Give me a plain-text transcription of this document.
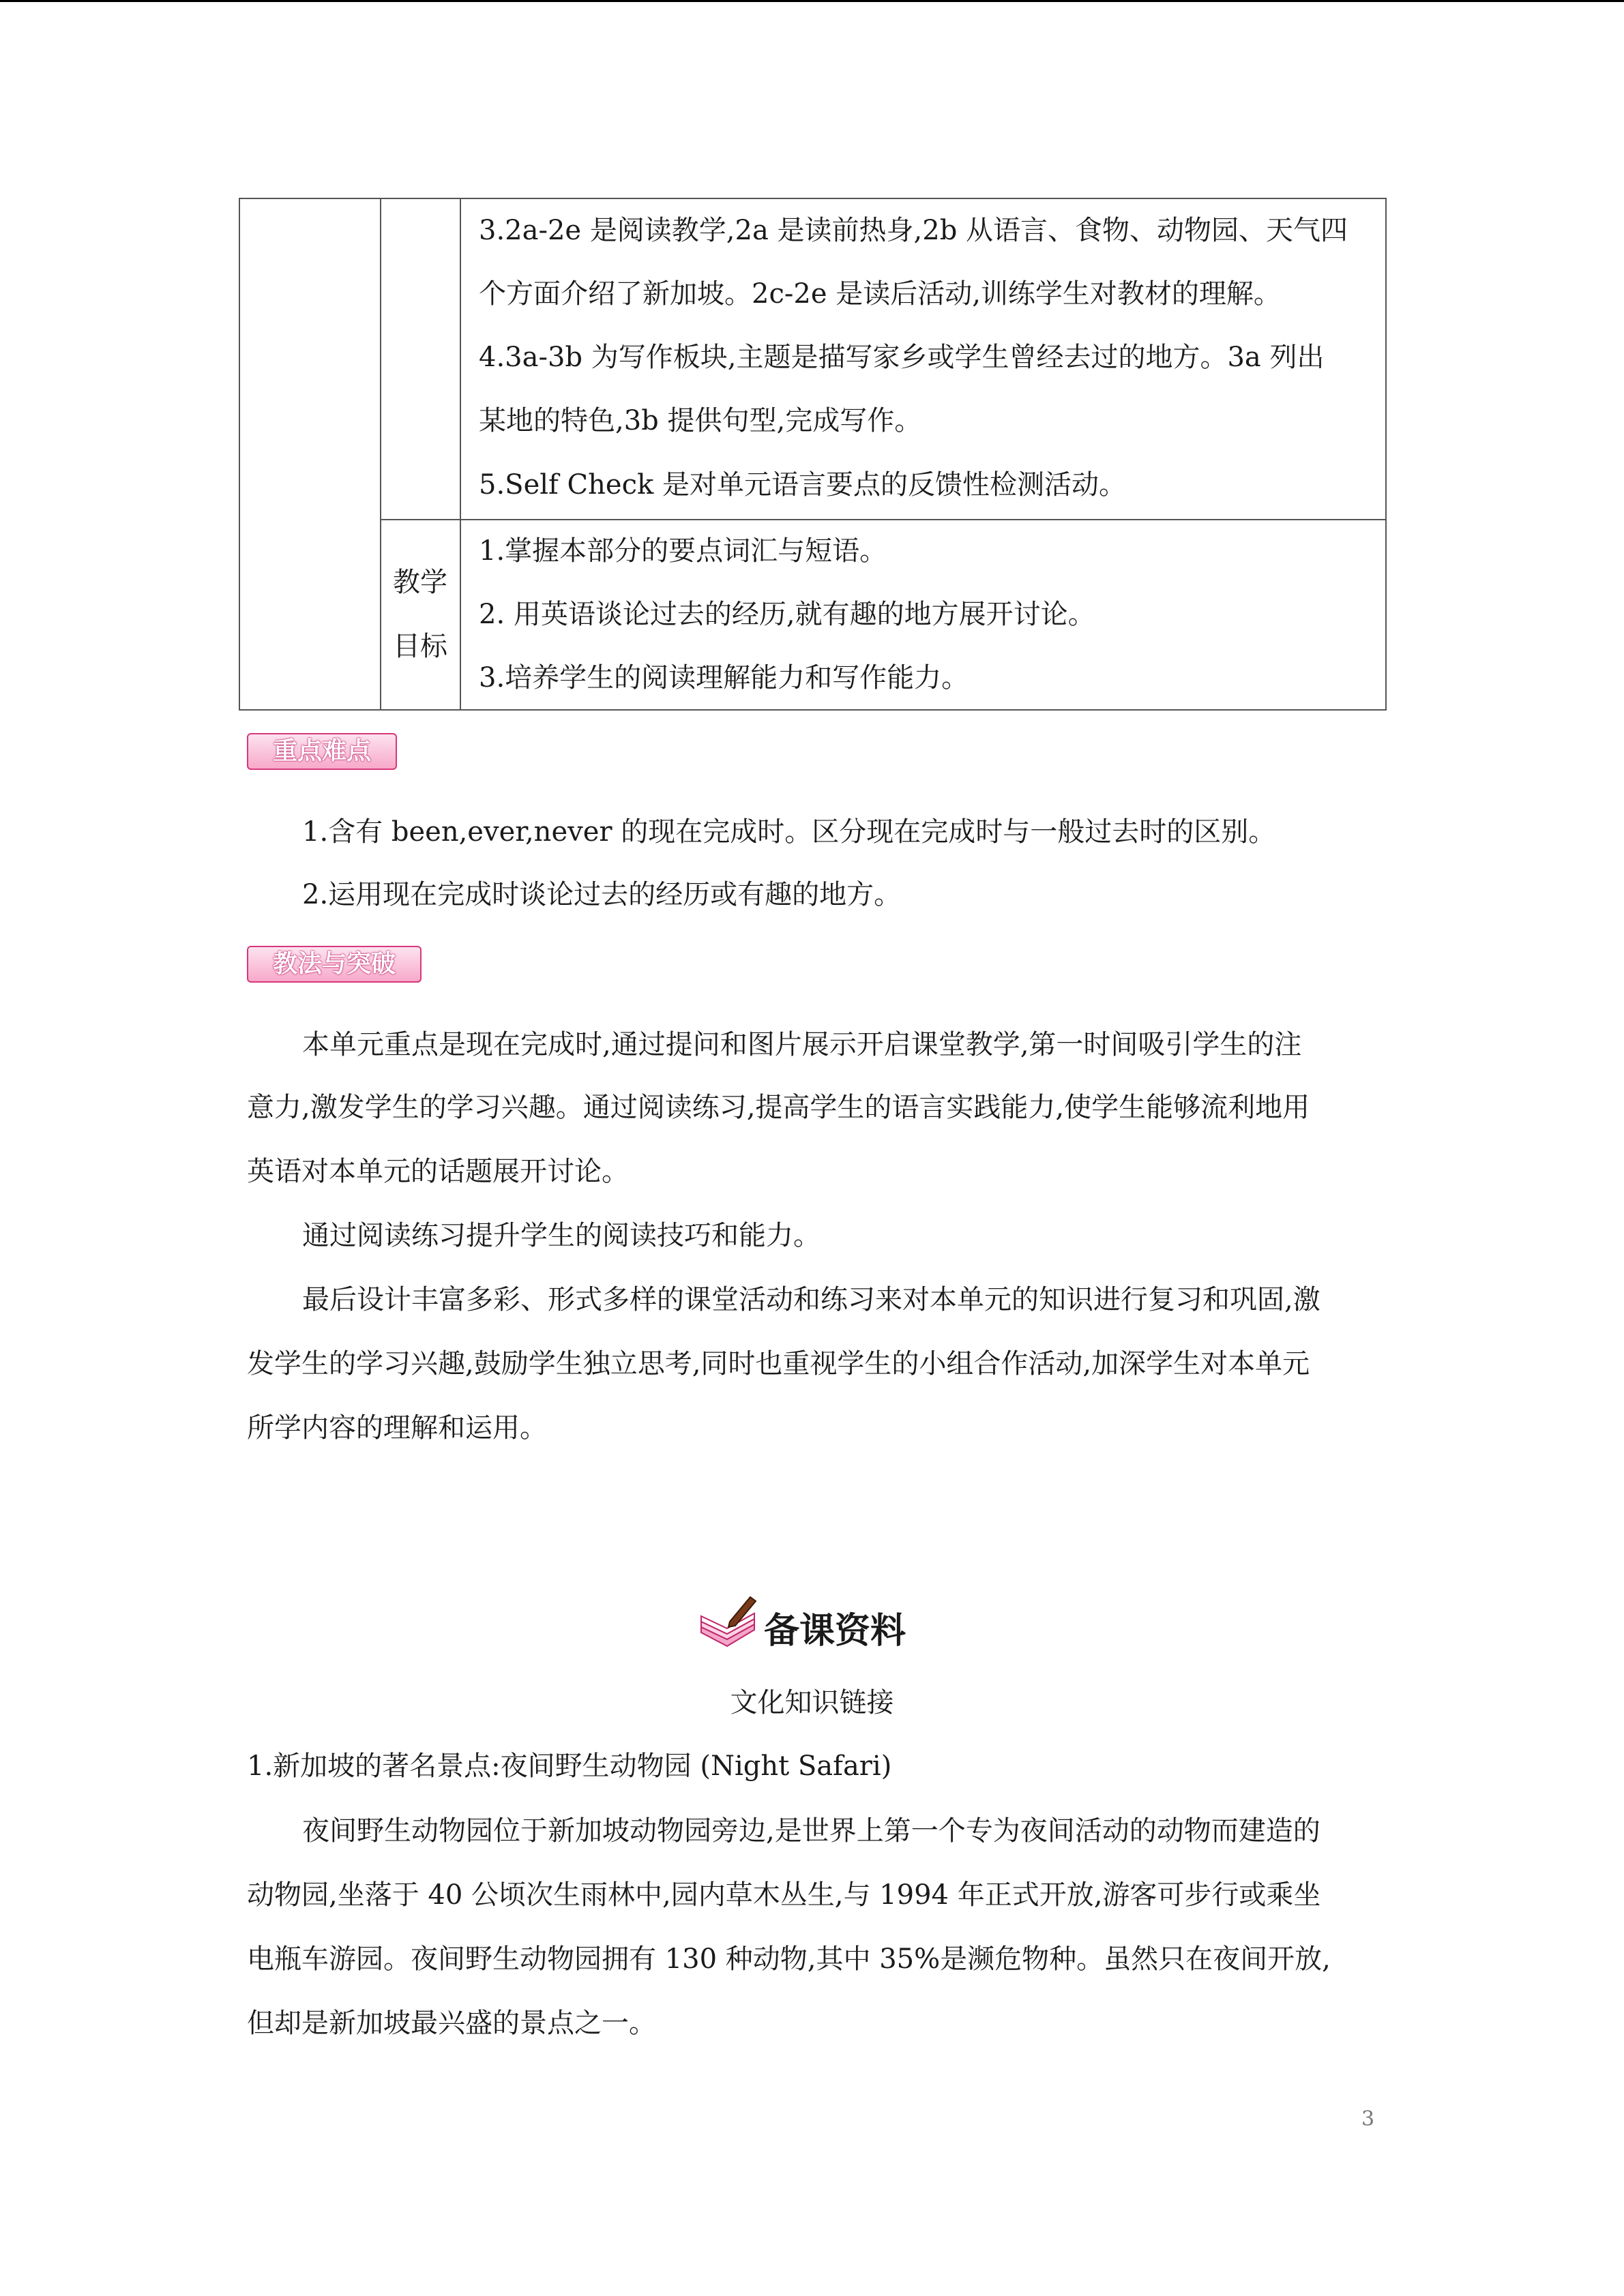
3.2a-2e 是阅读教学,2a 是读前热身,2b 从语言、食物、动物园、天气四
个方面介绍了新加坡。2c-2e 是读后活动,训练学生对教材的理解。
4.3a-3b 为写作板块,主题是描写家乡或学生曾经去过的地方。3a 列出
某地的特色,3b 提供句型,完成写作。
5.Self Check 是对单元语言要点的反馈性检测活动。
教学
目标
1.掌握本部分的要点词汇与短语。
2. 用英语谈论过去的经历,就有趣的地方展开讨论。
3.培养学生的阅读理解能力和写作能力。
重点难点
1.含有 been,ever,never 的现在完成时。区分现在完成时与一般过去时的区别。
2.运用现在完成时谈论过去的经历或有趣的地方。
教法与突破
本单元重点是现在完成时,通过提问和图片展示开启课堂教学,第一时间吸引学生的注
意力,激发学生的学习兴趣。通过阅读练习,提高学生的语言实践能力,使学生能够流利地用
英语对本单元的话题展开讨论。
通过阅读练习提升学生的阅读技巧和能力。
最后设计丰富多彩、形式多样的课堂活动和练习来对本单元的知识进行复习和巩固,激
发学生的学习兴趣,鼓励学生独立思考,同时也重视学生的小组合作活动,加深学生对本单元
所学内容的理解和运用。
备课资料
文化知识链接
1.新加坡的著名景点:夜间野生动物园 (Night Safari)
夜间野生动物园位于新加坡动物园旁边,是世界上第一个专为夜间活动的动物而建造的
动物园,坐落于 40 公顷次生雨林中,园内草木丛生,与 1994 年正式开放,游客可步行或乘坐
电瓶车游园。夜间野生动物园拥有 130 种动物,其中 35%是濒危物种。虽然只在夜间开放,
但却是新加坡最兴盛的景点之一。
3
